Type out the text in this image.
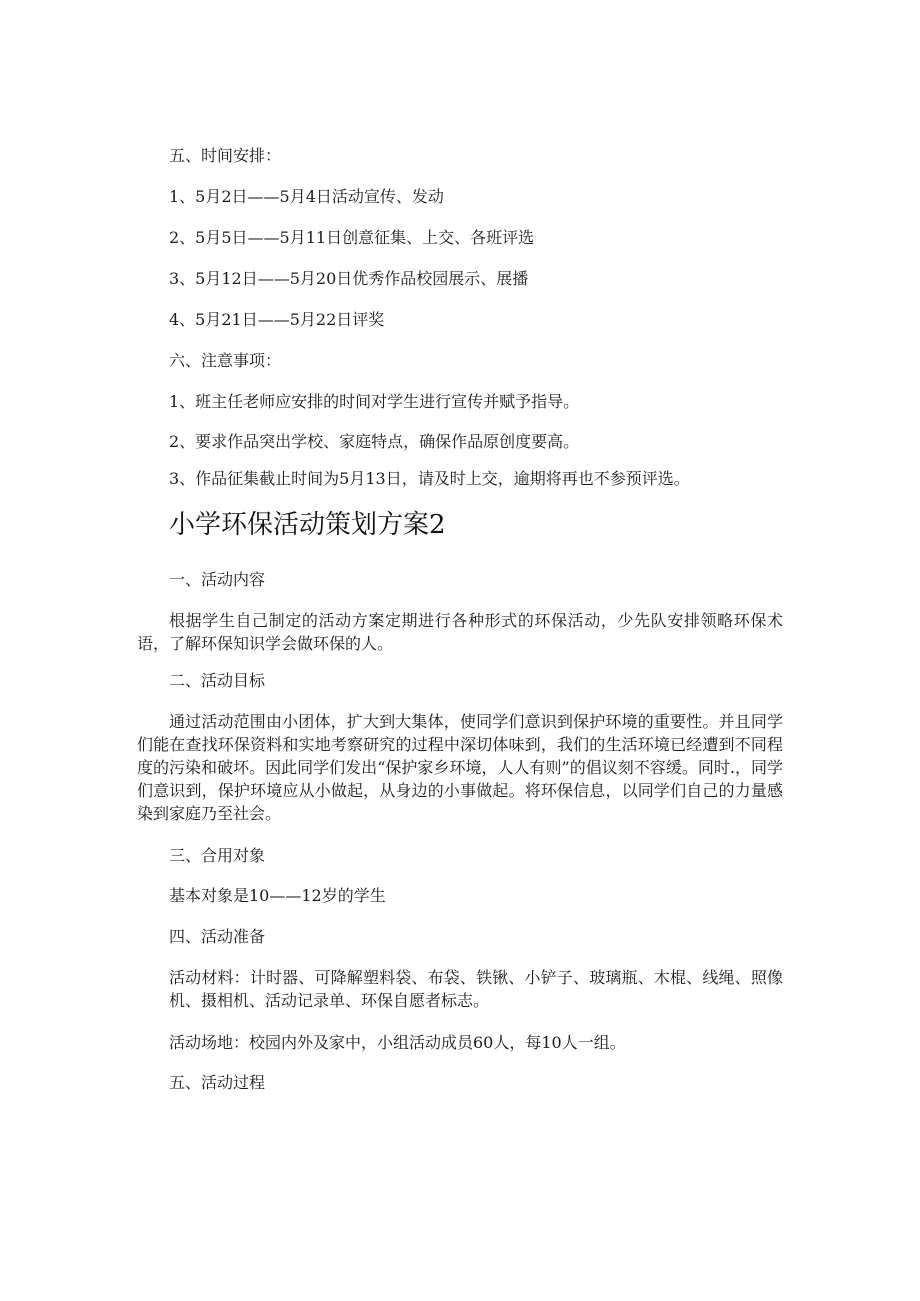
五、时间安排：
1、5月2日——5月4日活动宣传、发动
2、5月5日——5月11日创意征集、上交、各班评选
3、5月12日——5月20日优秀作品校园展示、展播
4、5月21日——5月22日评奖
六、注意事项：
1、班主任老师应安排的时间对学生进行宣传并赋予指导。
2、要求作品突出学校、家庭特点，确保作品原创度要高。
3、作品征集截止时间为5月13日，请及时上交，逾期将再也不参预评选。
小学环保活动策划方案2
一、活动内容
根据学生自己制定的活动方案定期进行各种形式的环保活动，少先队安排领略环保术语，了解环保知识学会做环保的人。
二、活动目标
通过活动范围由小团体，扩大到大集体，使同学们意识到保护环境的重要性。并且同学们能在查找环保资料和实地考察研究的过程中深切体味到，我们的生活环境已经遭到不同程度的污染和破坏。因此同学们发出“保护家乡环境，人人有则”的倡议刻不容缓。同时.，同学们意识到，保护环境应从小做起，从身边的小事做起。将环保信息，以同学们自己的力量感染到家庭乃至社会。
三、合用对象
基本对象是10——12岁的学生
四、活动准备
活动材料：计时器、可降解塑料袋、布袋、铁锹、小铲子、玻璃瓶、木棍、线绳、照像机、摄相机、活动记录单、环保自愿者标志。
活动场地：校园内外及家中，小组活动成员60人，每10人一组。
五、活动过程
